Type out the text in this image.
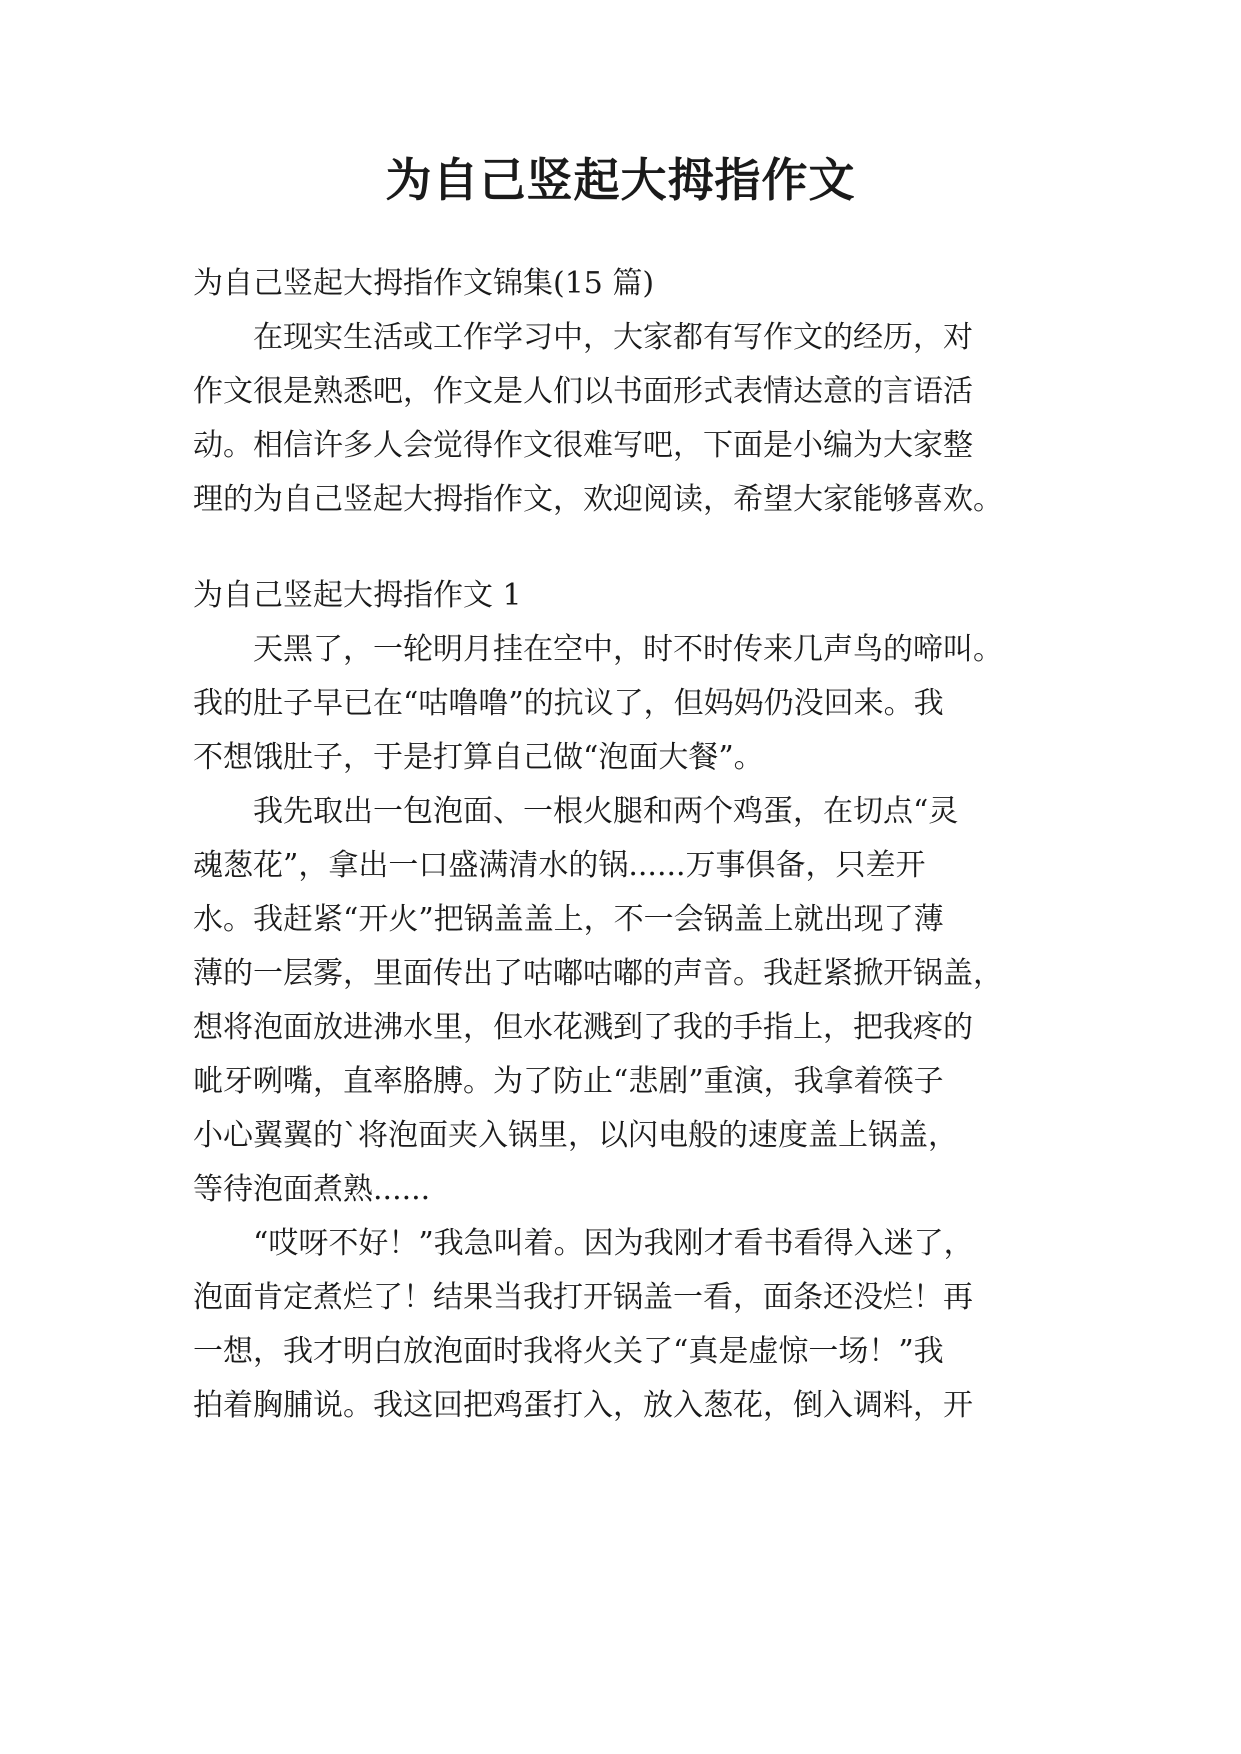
为自己竖起大拇指作文

为自己竖起大拇指作文锦集(15 篇)

　　在现实生活或工作学习中，大家都有写作文的经历，对

作文很是熟悉吧，作文是人们以书面形式表情达意的言语活

动。相信许多人会觉得作文很难写吧，下面是小编为大家整

理的为自己竖起大拇指作文，欢迎阅读，希望大家能够喜欢。

为自己竖起大拇指作文 1

　　天黑了，一轮明月挂在空中，时不时传来几声鸟的啼叫。

我的肚子早已在“咕噜噜”的抗议了，但妈妈仍没回来。我

不想饿肚子，于是打算自己做“泡面大餐”。

　　我先取出一包泡面、一根火腿和两个鸡蛋，在切点“灵

魂葱花”，拿出一口盛满清水的锅......万事俱备，只差开

水。我赶紧“开火”把锅盖盖上，不一会锅盖上就出现了薄

薄的一层雾，里面传出了咕嘟咕嘟的声音。我赶紧掀开锅盖，

想将泡面放进沸水里，但水花溅到了我的手指上，把我疼的

呲牙咧嘴，直率胳膊。为了防止“悲剧”重演，我拿着筷子

小心翼翼的`将泡面夹入锅里，以闪电般的速度盖上锅盖，

等待泡面煮熟......

　　“哎呀不好！”我急叫着。因为我刚才看书看得入迷了，

泡面肯定煮烂了！结果当我打开锅盖一看，面条还没烂！再

一想，我才明白放泡面时我将火关了“真是虚惊一场！”我

拍着胸脯说。我这回把鸡蛋打入，放入葱花，倒入调料，开
